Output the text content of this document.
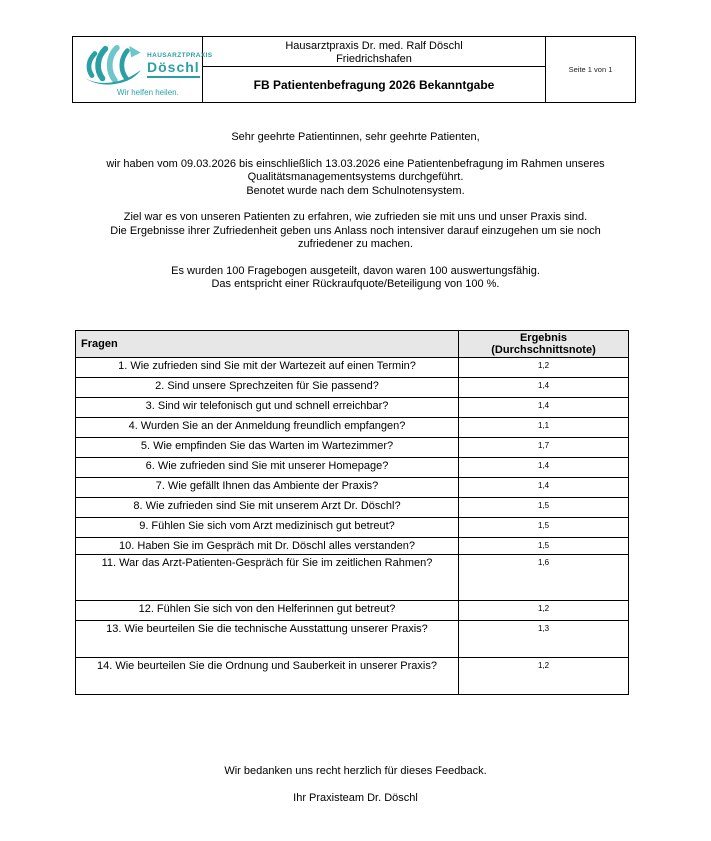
HAUSARZTPRAXIS
Döschl
Wir helfen heilen.
Hausarztpraxis Dr. med. Ralf Döschl
Friedrichshafen
FB Patientenbefragung 2026 Bekanntgabe
Seite 1 von 1
Sehr geehrte Patientinnen, sehr geehrte Patienten,

wir haben vom 09.03.2026 bis einschließlich 13.03.2026 eine Patientenbefragung im Rahmen unseres
Qualitätsmanagementsystems durchgeführt.
Benotet wurde nach dem Schulnotensystem.

Ziel war es von unseren Patienten zu erfahren, wie zufrieden sie mit uns und unser Praxis sind.
Die Ergebnisse ihrer Zufriedenheit geben uns Anlass noch intensiver darauf einzugehen um sie noch
zufriedener zu machen.

Es wurden 100 Fragebogen ausgeteilt, davon waren 100 auswertungsfähig.
Das entspricht einer Rückraufquote/Beteiligung von 100 %.
Fragen	Ergebnis
(Durchschnittsnote)

1. Wie zufrieden sind Sie mit der Wartezeit auf einen Termin?	1,2
2. Sind unsere Sprechzeiten für Sie passend?	1,4
3. Sind wir telefonisch gut und schnell erreichbar?	1,4
4. Wurden Sie an der Anmeldung freundlich empfangen?	1,1
5. Wie empfinden Sie das Warten im Wartezimmer?	1,7
6. Wie zufrieden sind Sie mit unserer Homepage?	1,4
7. Wie gefällt Ihnen das Ambiente der Praxis?	1,4
8. Wie zufrieden sind Sie mit unserem Arzt Dr. Döschl?	1,5
9. Fühlen Sie sich vom Arzt medizinisch gut betreut?	1,5
10. Haben Sie im Gespräch mit Dr. Döschl alles verstanden?	1,5
11. War das Arzt-Patienten-Gespräch für Sie im zeitlichen Rahmen?	1,6
12. Fühlen Sie sich von den Helferinnen gut betreut?	1,2
13. Wie beurteilen Sie die technische Ausstattung unserer Praxis?	1,3
14. Wie beurteilen Sie die Ordnung und Sauberkeit in unserer Praxis?	1,2
Wir bedanken uns recht herzlich für dieses Feedback.
Ihr Praxisteam Dr. Döschl
